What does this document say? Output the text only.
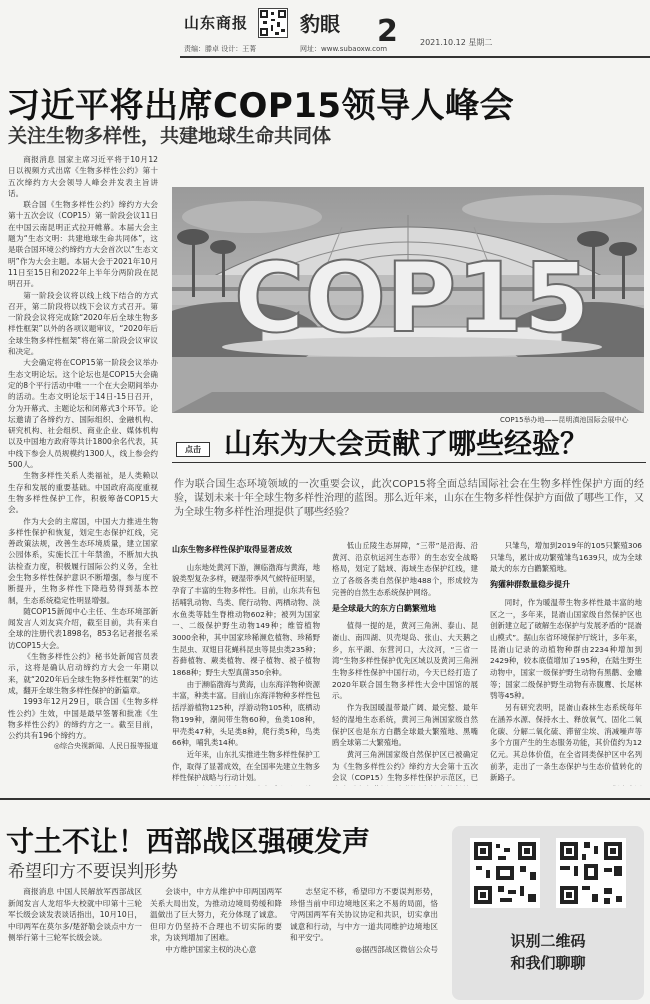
山东商报	豹眼 2	2021.10.12 星期二
责编：滕卓 设计：王菁	网址：www.subaoxw.com
习近平将出席COP15领导人峰会
关注生物多样性，共建地球生命共同体

商报消息 国家主席习近平将于10月12日以视频方式出席《生物多样性公约》第十五次缔约方大会领导人峰会并发表主旨讲话。

联合国《生物多样性公约》缔约方大会第十五次会议（COP15）第一阶段会议11日在中国云南昆明正式拉开帷幕。本届大会主题为“生态文明：共建地球生命共同体”，这是联合国环境公约缔约方大会首次以“生态文明”作为大会主题。本届大会于2021年10月11日至15日和2022年上半年分两阶段在昆明召开。

第一阶段会议将以线上线下结合的方式召开，第二阶段将以线下会议方式召开。第一阶段会议将完成除“2020年后全球生物多样性框架”以外的各项议题审议，“2020年后全球生物多样性框架”将在第二阶段会议审议和决定。

大会确定将在COP15第一阶段会议举办生态文明论坛。这个论坛也是COP15大会确定的8个平行活动中唯一一个在大会期间举办的活动。生态文明论坛于14日-15日召开，分为开幕式、主题论坛和闭幕式3个环节。论坛邀请了各缔约方、国际组织、金融机构、研究机构、社会组织、商业企业、媒体机构以及中国地方政府等共计1800余名代表，其中线下参会人员规模约1300人，线上参会约500人。

生物多样性关系人类福祉，是人类赖以生存和发展的重要基础。中国政府高度重视生物多样性保护工作，积极筹备COP15大会。

作为大会的主席国，中国大力推进生物多样性保护和恢复，划定生态保护红线，完善政策法规，改善生态环境质量，建立国家公园体系，实施长江十年禁渔，不断加大执法检查力度，积极履行国际公约义务，全社会生物多样性保护意识不断增强，参与度不断提升，生物多样性下降趋势得到基本控制，生态系统稳定性明显增强。

随COP15新闻中心主任、生态环境部新闻发言人刘友宾介绍，截至目前，共有来自全球的注册代表1898名，853名记者报名采访COP15大会。

《生物多样性公约》秘书处新闻官员表示，这将是确认启动缔约方大会一年期以来，就“2020年后全球生物多样性框架”的达成，翻开全球生物多样性保护的新篇章。

1993年12月29日，联合国《生物多样性公约》生效，中国是最早签署和批准《生物多样性公约》的缔约方之一。截至目前，公约共有196个缔约方。

◎综合央视新闻、人民日报等报道

COP15
COP15举办地——昆明滇池国际会展中心
点击 山东为大会贡献了哪些经验？
作为联合国生态环境领域的一次重要会议，此次COP15将全面总结国际社会在生物多样性保护方面的经验，谋划未来十年全球生物多样性治理的蓝图。那么近年来，山东在生物多样性保护方面做了哪些工作，又为全球生物多样性治理提供了哪些经验？
山东生物多样性保护取得显著成效

山东地处黄河下游，濒临渤海与黄海，地貌类型复杂多样，硬湿带季风气候特征明显，孕育了丰富的生物多样性。目前，山东共有包括哺乳动物、鸟类、爬行动物、两栖动物、淡水鱼类等陆生脊椎动物602种；被列为国家一、二级保护野生动物149种；维管植物3000余种，其中国家珍稀濒危植物、珍稀野生昆虫、双翅目花蝇科昆虫等昆虫类235种；苔藓植物、蕨类植物、裸子植物、被子植物1868种；野生大型真菌350余种。

由于濒临渤海与黄海，山东海洋物种资源丰富，种类丰富。目前山东海洋物种多样性包括浮游植物125种，浮游动物105种，底栖动物199种，潮间带生物60种，鱼类108种，甲壳类47种，头足类8种，爬行类5种，鸟类66种，哺乳类14种。

近年来，山东扎实推进生物多样性保护工作，取得了显著成效，在全国率先建立生物多样性保护战略与行动计划。

低山丘陵生态屏障，“三带”是沿海、沿黄河、沿京杭运河生态带）的生态安全战略格局，划定了陆域、海域生态保护红线，建立了各级各类自然保护地488个，形成较为完善的自然生态系统保护网络。

是全球最大的东方白鹳繁殖地

值得一提的是，黄河三角洲、泰山、昆嵛山、南四湖、贝壳堤岛、张山、大天鹅之乡，东平湖、东营河口，大汶河，“三省一湾”生物多样性保护优先区域以及黄河三角洲生物多样性保护中国行动，今天已经打造了2020年联合国生物多样性大会中国馆的展示。

作为我国暖温带最广阔、最完整、最年轻的湿地生态系统，黄河三角洲国家级自然保护区也是东方白鹳全球最大繁殖地、黑嘴鸥全球第二大繁殖地。

黄河三角洲国家级自然保护区已被确定为《生物多样性公约》缔约方大会第十五次会议（COP15）生物多样性保护示范区，已

只雏鸟，增加到2019年的105只繁殖306只雏鸟，累计成功繁殖雏鸟1639只，成为全球最大的东方白鹳繁殖地。

狗獾种群数量稳步提升

同时，作为暖温带生物多样性最丰富的地区之一，多年来，昆嵛山国家级自然保护区也创新建立起了破解生态保护与发展矛盾的“昆嵛山模式”。据山东省环境保护厅统计，多年来，昆嵛山记录的动植物种群由2234种增加到2429种，较本底值增加了195种，在陆生野生动物中，国家一级保护野生动物有黑鹳、金雕等；国家二级保护野生动物有赤腹鹰、长尾林鸮等45种。

另有研究表明，昆嵛山森林生态系统每年在涵养水源、保持水土、释放氧气、固化二氧化碳、分解二氧化硫、滞留尘埃、消减噪声等多个方面产生的生态服务功能，其价值约为12亿元。其总体价值，在全省同类保护区中名列前茅，走出了一条生态保护与生态价值转化的新路子。

寸土不让！西部战区强硬发声
希望印方不要误判形势

商报消息 中国人民解放军西部战区新闻发言人龙绍华大校就中印第十三轮军长级会谈发表谈话指出，10月10日，中印两军在莫尔多/楚舒勒会谈点中方一侧举行第十三轮军长级会谈。

会谈中，中方从维护中印两国两军关系大局出发，为推动边境局势缓和降温做出了巨大努力，充分体现了诚意。但印方仍坚持不合理也不切实际的要求，为谈判增加了困难。

中方维护国家主权的决心意

志坚定不移，希望印方不要误判形势，珍惜当前中印边境地区来之不易的局面，恪守两国两军有关协议协定和共识，切实拿出诚意和行动，与中方一道共同维护边境地区和平安宁。

◎据西部战区微信公众号	识别二维码
和我们聊聊
